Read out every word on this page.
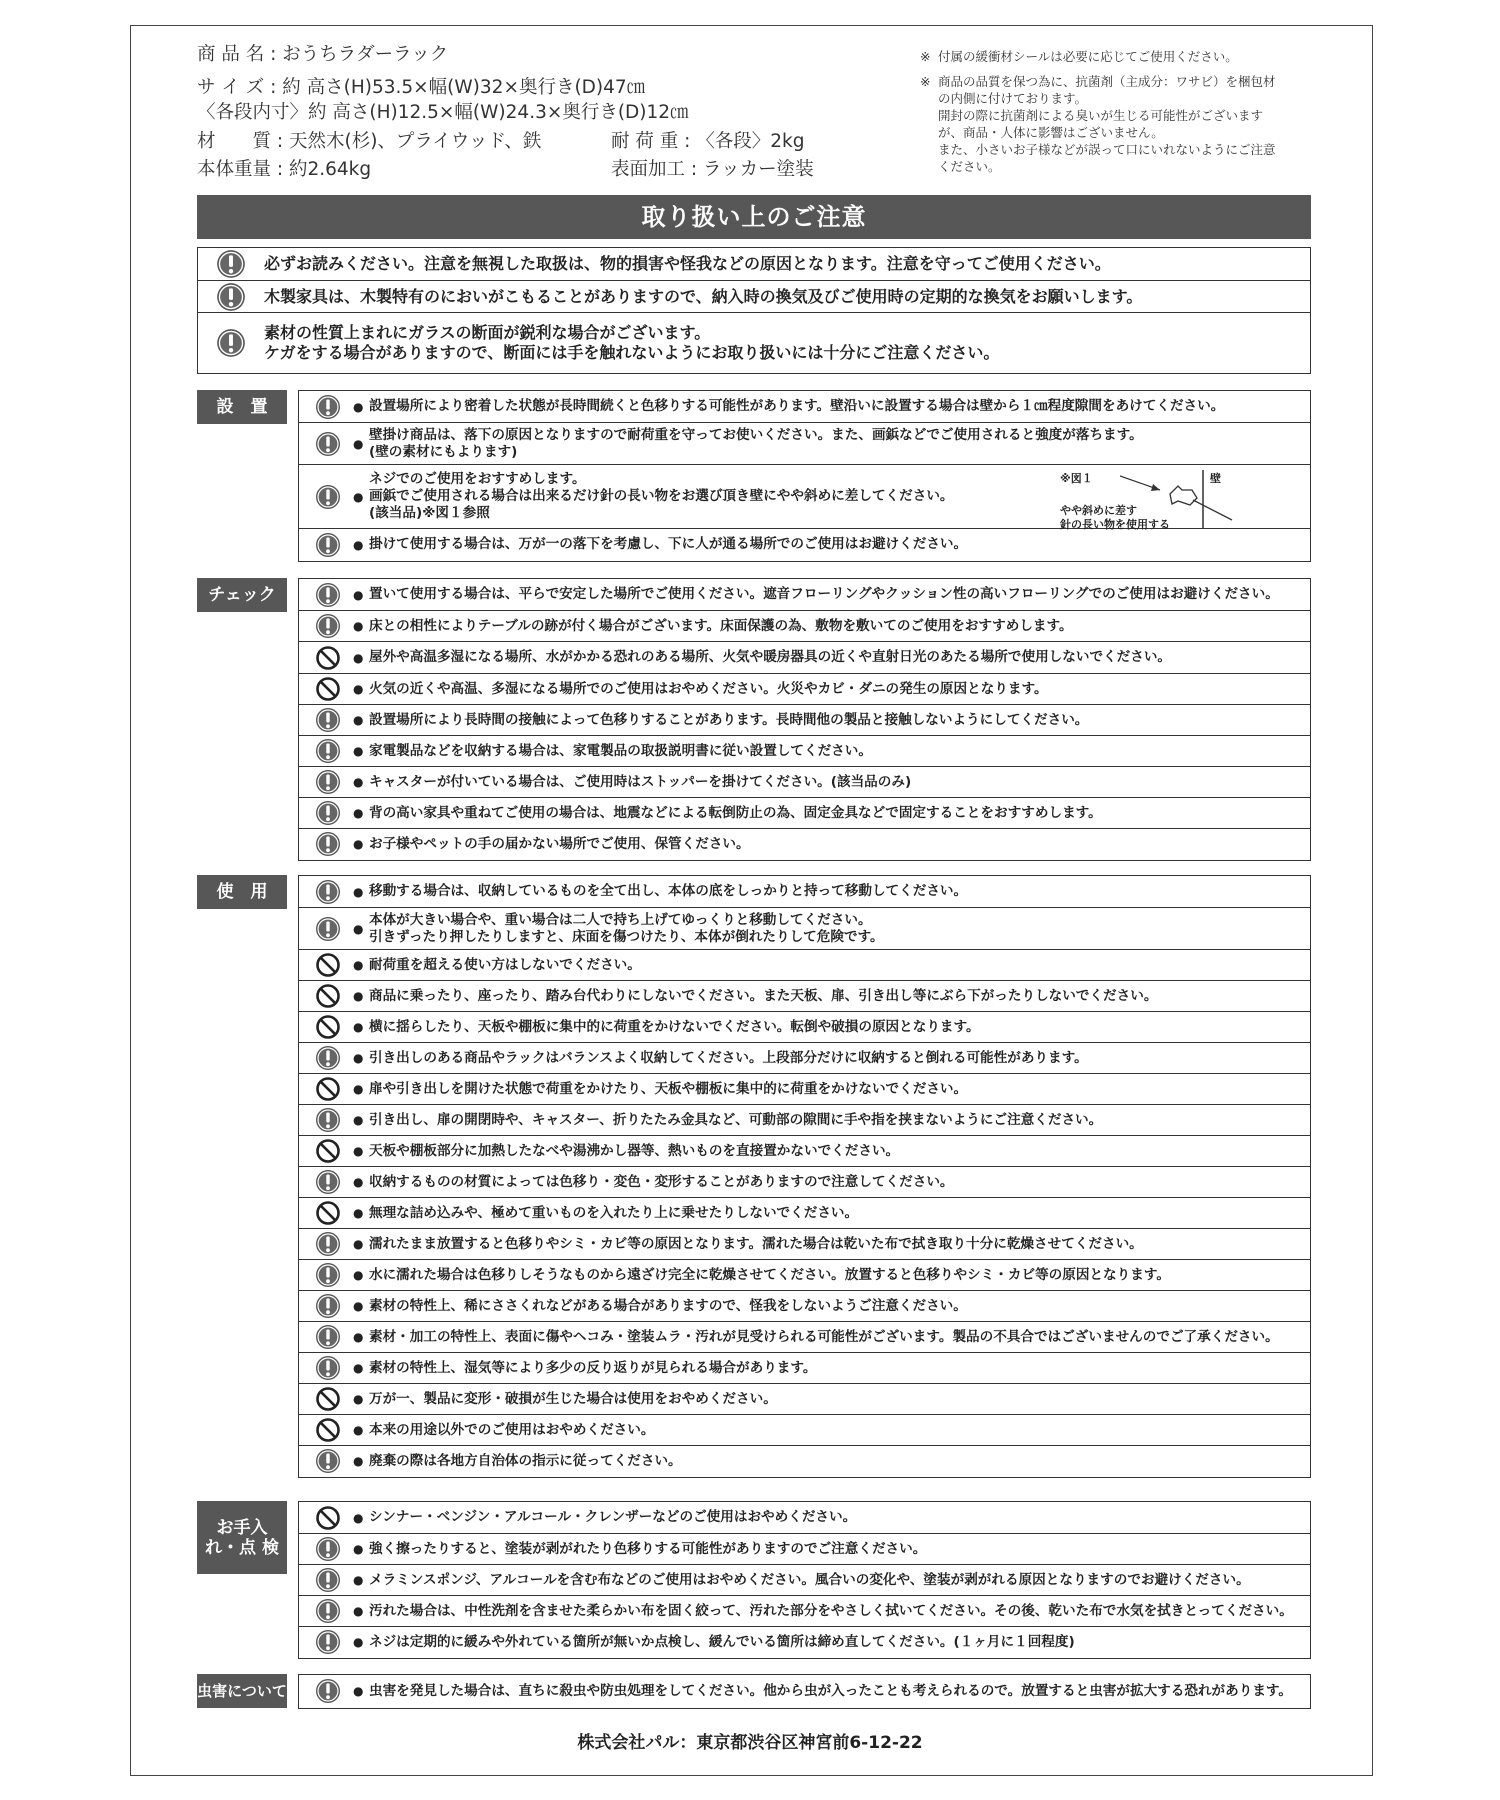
商 品 名 : おうちラダーラック
サ イ ズ : 約 高さ(H)53.5×幅(W)32×奥行き(D)47㎝
〈各段内寸〉約 高さ(H)12.5×幅(W)24.3×奥行き(D)12㎝
材　　質 : 天然木(杉)、プライウッド、鉄	耐 荷 重 : 〈各段〉2kg
本体重量 : 約2.64kg	表面加工 : ラッカー塗装
※ 付属の緩衝材シールは必要に応じてご使用ください。

※ 商品の品質を保つ為に、抗菌剤（主成分：ワサビ）を梱包材

の内側に付けております。

開封の際に抗菌剤による臭いが生じる可能性がございます

が、商品・人体に影響はございません。

また、小さいお子様などが誤って口にいれないようにご注意

ください。

取り扱い上のご注意
必ずお読みください。注意を無視した取扱は、物的損害や怪我などの原因となります。注意を守ってご使用ください。
木製家具は、木製特有のにおいがこもることがありますので、納入時の換気及びご使用時の定期的な換気をお願いします。
素材の性質上まれにガラスの断面が鋭利な場合がございます。
ケガをする場合がありますので、断面には手を触れないようにお取り扱いには十分にご注意ください。
設　置	● 設置場所により密着した状態が長時間続くと色移りする可能性があります。壁沿いに設置する場合は壁から１㎝程度隙間をあけてください。
●
壁掛け商品は、落下の原因となりますので耐荷重を守ってお使いください。また、画鋲などでご使用されると強度が落ちます。
(壁の素材にもよります)
●
ネジでのご使用をおすすめします。
画鋲でご使用される場合は出来るだけ針の長い物をお選び頂き壁にやや斜めに差してください。
(該当品)※図１参照
● 掛けて使用する場合は、万が一の落下を考慮し、下に人が通る場所でのご使用はお避けください。
チェック	● 置いて使用する場合は、平らで安定した場所でご使用ください。遮音フローリングやクッション性の高いフローリングでのご使用はお避けください。
● 床との相性によりテーブルの跡が付く場合がございます。床面保護の為、敷物を敷いてのご使用をおすすめします。
● 屋外や高温多湿になる場所、水がかかる恐れのある場所、火気や暖房器具の近くや直射日光のあたる場所で使用しないでください。
● 火気の近くや高温、多湿になる場所でのご使用はおやめください。火災やカビ・ダニの発生の原因となります。
● 設置場所により長時間の接触によって色移りすることがあります。長時間他の製品と接触しないようにしてください。
● 家電製品などを収納する場合は、家電製品の取扱説明書に従い設置してください。
● キャスターが付いている場合は、ご使用時はストッパーを掛けてください。(該当品のみ)
● 背の高い家具や重ねてご使用の場合は、地震などによる転倒防止の為、固定金具などで固定することをおすすめします。
● お子様やペットの手の届かない場所でご使用、保管ください。
使　用	● 移動する場合は、収納しているものを全て出し、本体の底をしっかりと持って移動してください。
●
本体が大きい場合や、重い場合は二人で持ち上げてゆっくりと移動してください。
引きずったり押したりしますと、床面を傷つけたり、本体が倒れたりして危険です。
● 耐荷重を超える使い方はしないでください。
● 商品に乗ったり、座ったり、踏み台代わりにしないでください。また天板、扉、引き出し等にぶら下がったりしないでください。
● 横に揺らしたり、天板や棚板に集中的に荷重をかけないでください。転倒や破損の原因となります。
● 引き出しのある商品やラックはバランスよく収納してください。上段部分だけに収納すると倒れる可能性があります。
● 扉や引き出しを開けた状態で荷重をかけたり、天板や棚板に集中的に荷重をかけないでください。
● 引き出し、扉の開閉時や、キャスター、折りたたみ金具など、可動部の隙間に手や指を挟まないようにご注意ください。
● 天板や棚板部分に加熱したなべや湯沸かし器等、熱いものを直接置かないでください。
● 収納するものの材質によっては色移り・変色・変形することがありますので注意してください。
● 無理な詰め込みや、極めて重いものを入れたり上に乗せたりしないでください。
● 濡れたまま放置すると色移りやシミ・カビ等の原因となります。濡れた場合は乾いた布で拭き取り十分に乾燥させてください。
● 水に濡れた場合は色移りしそうなものから遠ざけ完全に乾燥させてください。放置すると色移りやシミ・カビ等の原因となります。
● 素材の特性上、稀にささくれなどがある場合がありますので、怪我をしないようご注意ください。
● 素材・加工の特性上、表面に傷やヘコみ・塗装ムラ・汚れが見受けられる可能性がございます。製品の不具合ではございませんのでご了承ください。
● 素材の特性上、湿気等により多少の反り返りが見られる場合があります。
● 万が一、製品に変形・破損が生じた場合は使用をおやめください。
● 本来の用途以外でのご使用はおやめください。
● 廃棄の際は各地方自治体の指示に従ってください。
お手入れ・点 検
● シンナー・ベンジン・アルコール・クレンザーなどのご使用はおやめください。
● 強く擦ったりすると、塗装が剥がれたり色移りする可能性がありますのでご注意ください。
● メラミンスポンジ、アルコールを含む布などのご使用はおやめください。風合いの変化や、塗装が剥がれる原因となりますのでお避けください。
● 汚れた場合は、中性洗剤を含ませた柔らかい布を固く絞って、汚れた部分をやさしく拭いてください。その後、乾いた布で水気を拭きとってください。
● ネジは定期的に緩みや外れている箇所が無いか点検し、緩んでいる箇所は締め直してください。(１ヶ月に１回程度)
虫害について	● 虫害を発見した場合は、直ちに殺虫や防虫処理をしてください。他から虫が入ったことも考えられるので。放置すると虫害が拡大する恐れがあります。
※図１	壁
やや斜めに差す
針の長い物を使用する
株式会社パル：東京都渋谷区神宮前6-12-22
